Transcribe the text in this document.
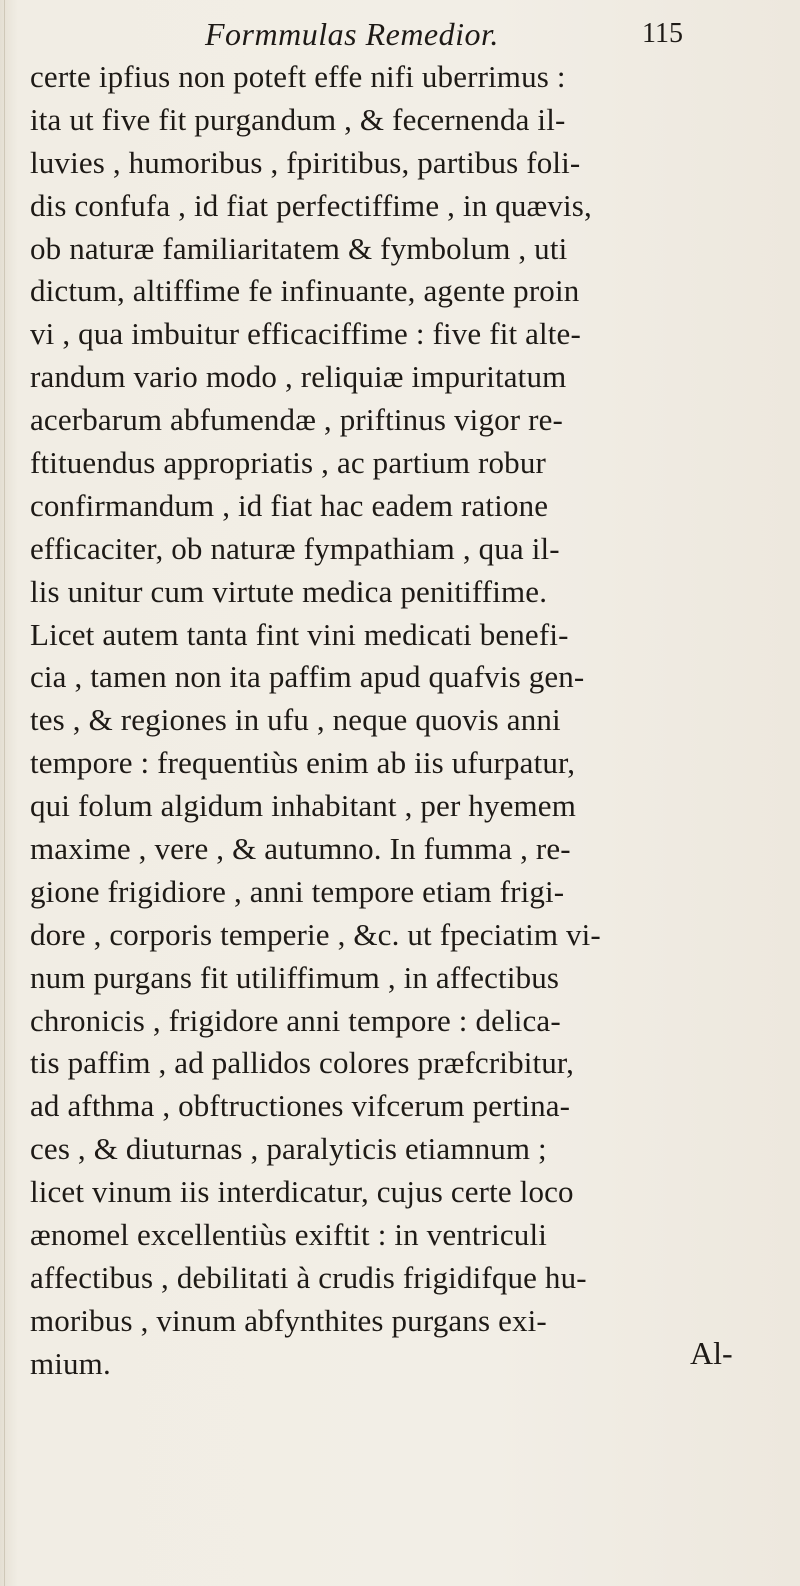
Formmulas Remedior.	115
certe ipfius non poteft effe nifi uberrimus :
ita ut five fit purgandum , & fecernenda il-
luvies , humoribus , fpiritibus, partibus foli-
dis confufa , id fiat perfectiffime , in quævis,
ob naturæ familiaritatem & fymbolum , uti
dictum, altiffime fe infinuante, agente proin
vi , qua imbuitur efficaciffime : five fit alte-
randum vario modo , reliquiæ impuritatum
acerbarum abfumendæ , priftinus vigor re-
ftituendus appropriatis , ac partium robur
confirmandum , id fiat hac eadem ratione
efficaciter, ob naturæ fympathiam , qua il-
lis unitur cum virtute medica penitiffime.
Licet autem tanta fint vini medicati benefi-
cia , tamen non ita paffim apud quafvis gen-
tes , & regiones in ufu , neque quovis anni
tempore : frequentiùs enim ab iis ufurpatur,
qui folum algidum inhabitant , per hyemem
maxime , vere , & autumno. In fumma , re-
gione frigidiore , anni tempore etiam frigi-
dore , corporis temperie , &c. ut fpeciatim vi-
num purgans fit utiliffimum , in affectibus
chronicis , frigidore anni tempore : delica-
tis paffim , ad pallidos colores præfcribitur,
ad afthma , obftructiones vifcerum pertina-
ces , & diuturnas , paralyticis etiamnum ;
licet vinum iis interdicatur, cujus certe loco
ænomel excellentiùs exiftit : in ventriculi
affectibus , debilitati à crudis frigidifque hu-
moribus , vinum abfynthites purgans exi-
mium.	Al-
